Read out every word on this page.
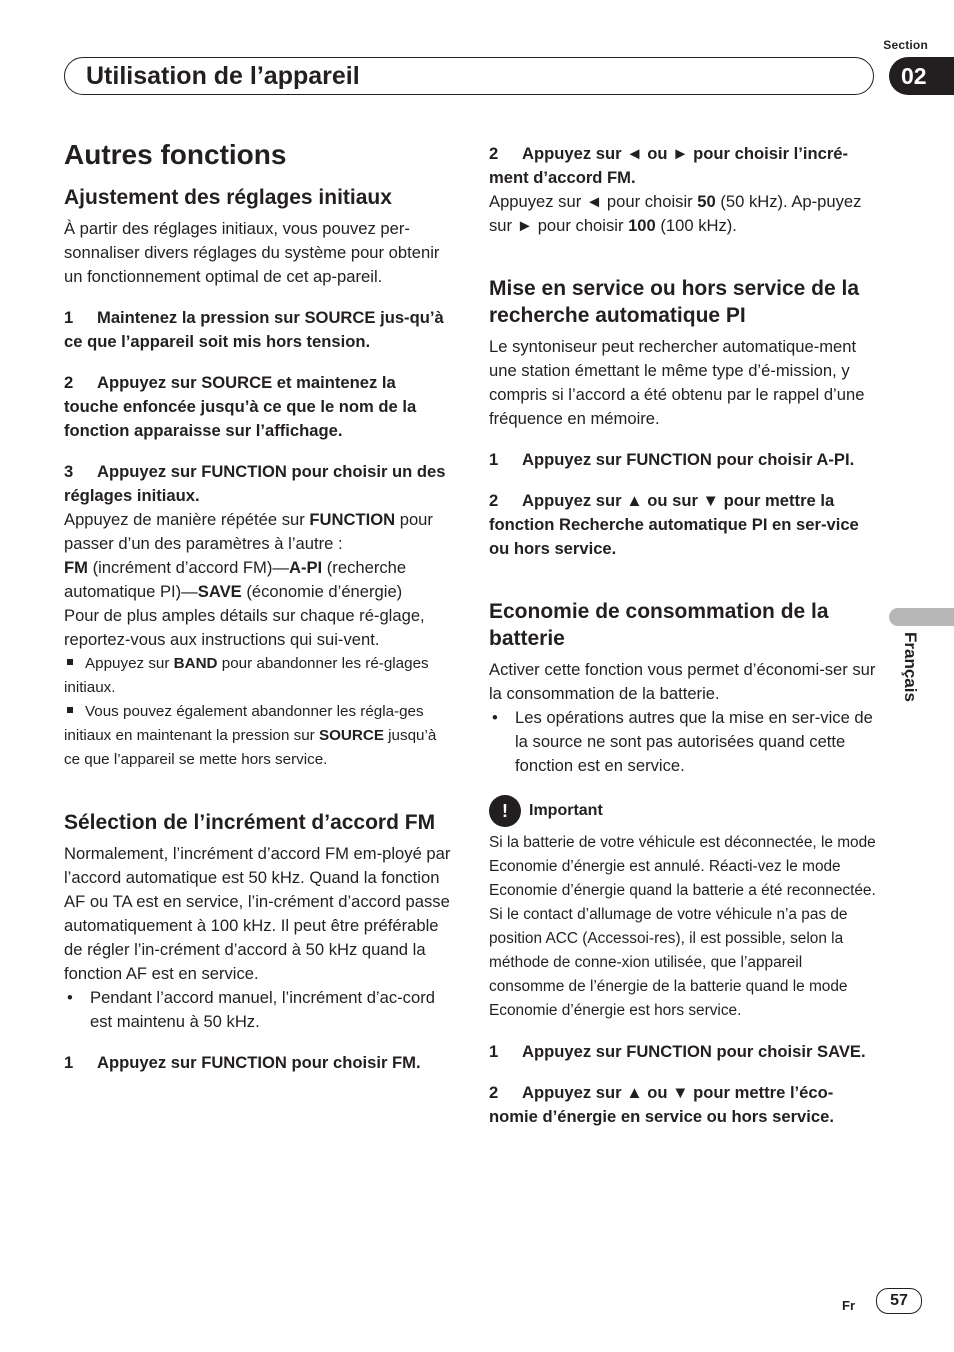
Section
Utilisation de l’appareil	02
Français
Autres fonctions
Ajustement des réglages initiaux

À partir des réglages initiaux, vous pouvez per-sonnaliser divers réglages du système pour obtenir un fonctionnement optimal de cet ap-pareil.

1 Maintenez la pression sur SOURCE jus-qu’à ce que l’appareil soit mis hors tension.

2 Appuyez sur SOURCE et maintenez la touche enfoncée jusqu’à ce que le nom de la fonction apparaisse sur l’affichage.

3 Appuyez sur FUNCTION pour choisir un des réglages initiaux.

Appuyez de manière répétée sur FUNCTION pour passer d’un des paramètres à l’autre :
FM (incrément d’accord FM)—A-PI (recherche automatique PI)—SAVE (économie d’énergie)

Pour de plus amples détails sur chaque ré-glage, reportez-vous aux instructions qui sui-vent.

Appuyez sur BAND pour abandonner les ré-glages initiaux.

Vous pouvez également abandonner les régla-ges initiaux en maintenant la pression sur SOURCE jusqu’à ce que l’appareil se mette hors service.

Sélection de l’incrément d’accord FM

Normalement, l’incrément d’accord FM em-ployé par l’accord automatique est 50 kHz. Quand la fonction AF ou TA est en service, l’in-crément d’accord passe automatiquement à 100 kHz. Il peut être préférable de régler l’in-crément d’accord à 50 kHz quand la fonction AF est en service.

•	Pendant l’accord manuel, l’incrément d’ac-cord est maintenu à 50 kHz.

1 Appuyez sur FUNCTION pour choisir FM.

2 Appuyez sur ◄ ou ► pour choisir l’incré-ment d’accord FM.

Appuyez sur ◄ pour choisir 50 (50 kHz). Ap-puyez sur ► pour choisir 100 (100 kHz).

Mise en service ou hors service de la recherche automatique PI

Le syntoniseur peut rechercher automatique-ment une station émettant le même type d’é-mission, y compris si l’accord a été obtenu par le rappel d’une fréquence en mémoire.

1 Appuyez sur FUNCTION pour choisir A-PI.

2 Appuyez sur ▲ ou sur ▼ pour mettre la fonction Recherche automatique PI en ser-vice ou hors service.

Economie de consommation de la batterie

Activer cette fonction vous permet d’économi-ser sur la consommation de la batterie.

•	Les opérations autres que la mise en ser-vice de la source ne sont pas autorisées quand cette fonction est en service.
!	Important

Si la batterie de votre véhicule est déconnectée, le mode Economie d’énergie est annulé. Réacti-vez le mode Economie d’énergie quand la batterie a été reconnectée. Si le contact d’allumage de votre véhicule n’a pas de position ACC (Accessoi-res), il est possible, selon la méthode de conne-xion utilisée, que l’appareil consomme de l’énergie de la batterie quand le mode Economie d’énergie est hors service.

1 Appuyez sur FUNCTION pour choisir SAVE.

2 Appuyez sur ▲ ou ▼ pour mettre l’éco-nomie d’énergie en service ou hors service.

Fr	57
